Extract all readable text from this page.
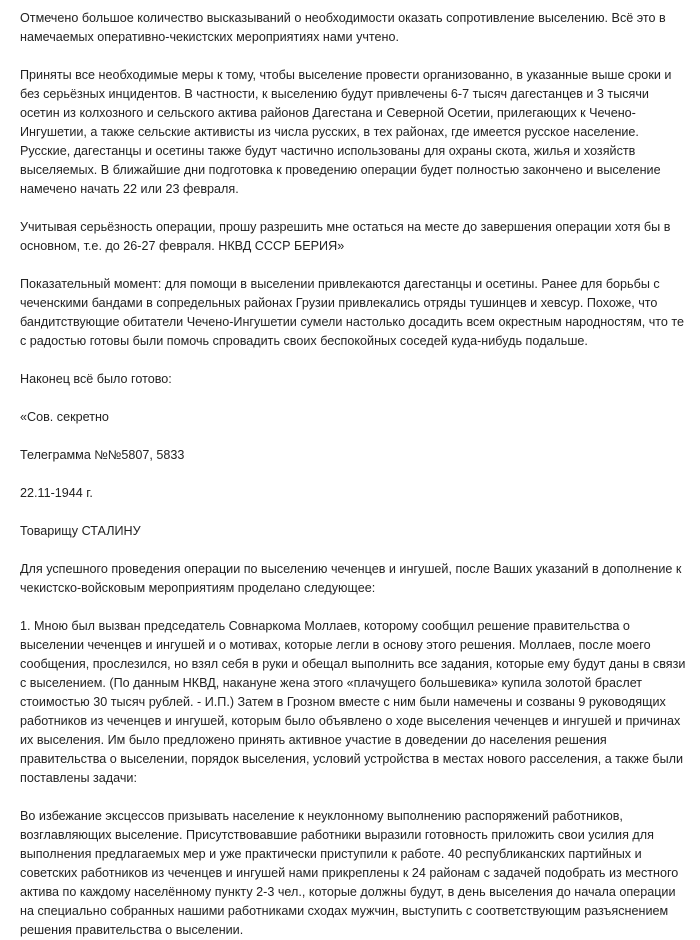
Отмечено большое количество высказываний о необходимости оказать сопротивление выселению. Всё это в намечаемых оперативно-чекистских мероприятиях нами учтено.

Приняты все необходимые меры к тому, чтобы выселение провести организованно, в указанные выше сроки и без серьёзных инцидентов. В частности, к выселению будут привлечены 6-7 тысяч дагестанцев и 3 тысячи осетин из колхозного и сельского актива районов Дагестана и Северной Осетии, прилегающих к Чечено-Ингушетии, а также сельские активисты из числа русских, в тех районах, где имеется русское население. Русские, дагестанцы и осетины также будут частично использованы для охраны скота, жилья и хозяйств выселяемых. В ближайшие дни подготовка к проведению операции будет полностью закончено и выселение намечено начать 22 или 23 февраля.

Учитывая серьёзность операции, прошу разрешить мне остаться на месте до завершения операции хотя бы в основном, т.е. до 26-27 февраля. НКВД СССР БЕРИЯ»

Показательный момент: для помощи в выселении привлекаются дагестанцы и осетины. Ранее для борьбы с чеченскими бандами в сопредельных районах Грузии привлекались отряды тушинцев и хевсур. Похоже, что бандитствующие обитатели Чечено-Ингушетии сумели настолько досадить всем окрестным народностям, что те с радостью готовы были помочь спровадить своих беспокойных соседей куда-нибудь подальше.

Наконец всё было готово:

«Сов. секретно

Телеграмма №№5807, 5833

22.11-1944 г.

Товарищу СТАЛИНУ

Для успешного проведения операции по выселению чеченцев и ингушей, после Ваших указаний в дополнение к чекистско-войсковым мероприятиям проделано следующее:

1. Мною был вызван председатель Совнаркома Моллаев, которому сообщил решение правительства о выселении чеченцев и ингушей и о мотивах, которые легли в основу этого решения. Моллаев, после моего сообщения, прослезился, но взял себя в руки и обещал выполнить все задания, которые ему будут даны в связи с выселением. (По данным НКВД, накануне жена этого «плачущего большевика» купила золотой браслет стоимостью 30 тысяч рублей. - И.П.) Затем в Грозном вместе с ним были намечены и созваны 9 руководящих работников из чеченцев и ингушей, которым было объявлено о ходе выселения чеченцев и ингушей и причинах их выселения. Им было предложено принять активное участие в доведении до населения решения правительства о выселении, порядок выселения, условий устройства в местах нового расселения, а также были поставлены задачи:

Во избежание эксцессов призывать население к неуклонному выполнению распоряжений работников, возглавляющих выселение. Присутствовавшие работники выразили готовность приложить свои усилия для выполнения предлагаемых мер и уже практически приступили к работе. 40 республиканских партийных и советских работников из чеченцев и ингушей нами прикреплены к 24 районам с задачей подобрать из местного актива по каждому населённому пункту 2-3 чел., которые должны будут, в день выселения до начала операции на специально собранных нашими работниками сходах мужчин, выступить с соответствующим разъяснением решения правительства о выселении.
